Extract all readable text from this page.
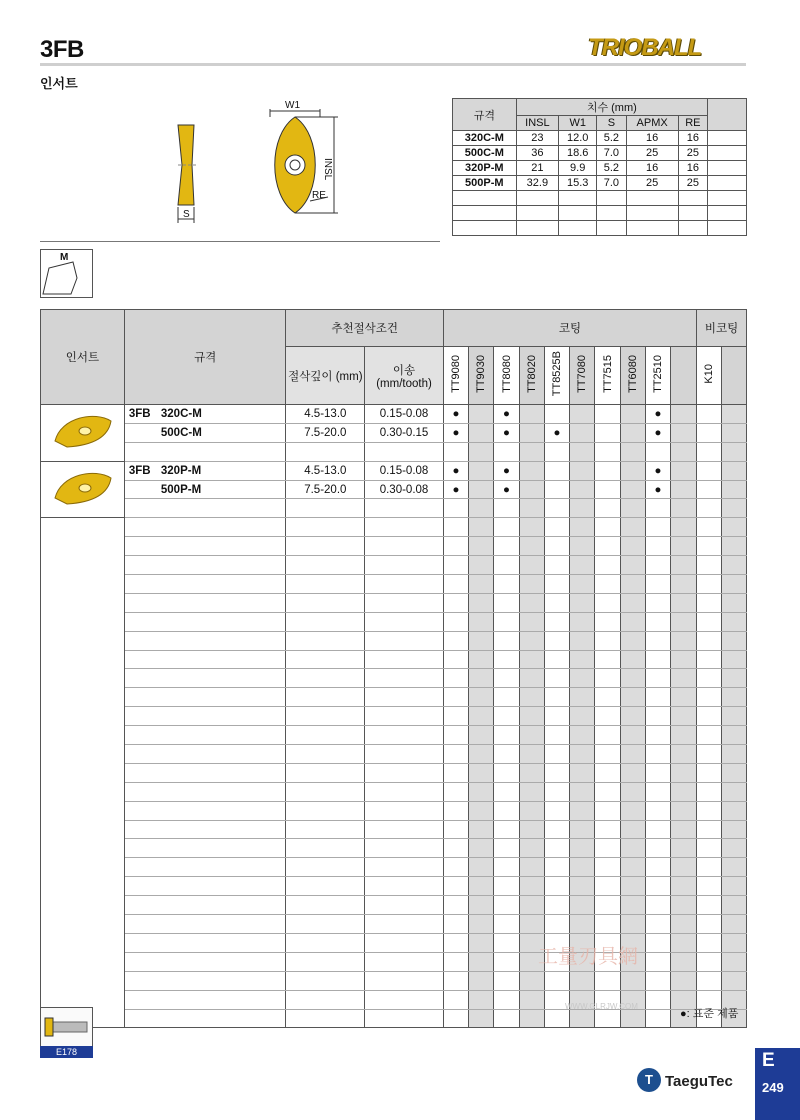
3FB
인서트
TRIOBALL
W1
INSL
RE
S
규격	치수 (mm)					
	INSL	W1	S	APMX	RE	
320C-M	23	12.0	5.2	16	16	
500C-M	36	18.6	7.0	25	25	
320P-M	21	9.9	5.2	16	16	
500P-M	32.9	15.3	7.0	25	25	

M
인서트	규격	추천절삭조건		코팅										비코팅	
		절삭깊이 (mm)	이송 (mm/tooth)	TT9080	TT9030	TT8080	TT8020	TT8525B	TT7080	TT7515	TT6080	TT2510		K10	
	3FB 320C-M	4.5-13.0	0.15-0.08	●		●						●			
	500C-M	7.5-20.0	0.30-0.15	●		●		●				●			

	3FB 320P-M	4.5-13.0	0.15-0.08	●		●						●			
	500P-M	7.5-20.0	0.30-0.08	●		●						●			

●: 표준 제품
E178
工量刃具網
WWW.GLRJW.COM
T TaeguTec
E
249
